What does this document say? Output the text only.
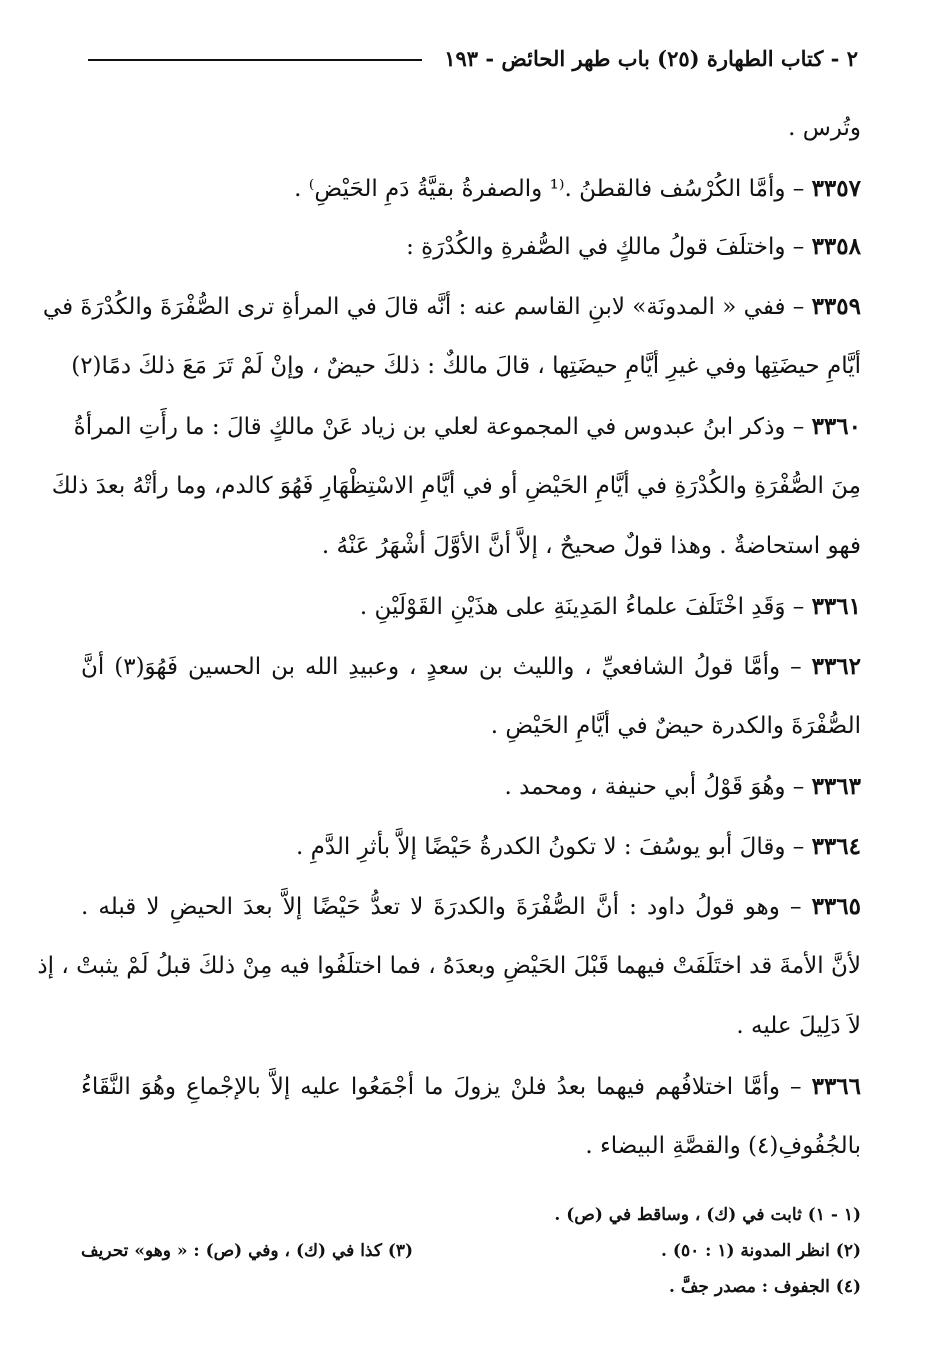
٢ - كتاب الطهارة (٢٥) باب طهر الحائض - ١٩٣
وتُرس .
٣٣٥٧ – وأمَّا الكُرْسُف فالقطنُ .⁽¹ والصفرةُ بقيَّةُ دَمِ الحَيْضِ⁾ .
٣٣٥٨ – واختلَفَ قولُ مالكٍ في الصُّفرةِ والكُدْرَةِ :
٣٣٥٩ – ففي « المدونَة» لابنِ القاسم عنه : أنَّه قالَ في المرأةِ ترى الصُّفْرَةَ والكُدْرَةَ في
أيَّامِ حيضَتِها وفي غيرِ أيَّامِ حيضَتِها ، قالَ مالكٌ : ذلكَ حيضٌ ، وإنْ لَمْ تَرَ مَعَ ذلكَ دمًا(٢)
٣٣٦٠ – وذكر ابنُ عبدوس في المجموعة لعلي بن زياد عَنْ مالكٍ قالَ : ما رأَتِ المرأةُ
مِنَ الصُّفْرَةِ والكُدْرَةِ في أيَّامِ الحَيْضِ أو في أيَّامِ الاسْتِظْهَارِ فَهُوَ كالدم، وما رأتْهُ بعدَ ذلكَ
فهو استحاضةٌ . وهذا قولٌ صحيحٌ ، إلاَّ أنَّ الأوَّلَ أشْهَرُ عَنْهُ .
٣٣٦١ – وَقَدِ اخْتَلَفَ علماءُ المَدِينَةِ على هذَيْنِ القَوْلَيْنِ .
٣٣٦٢ – وأمَّا قولُ الشافعيِّ ، والليث بن سعدٍ ، وعبيدِ الله بن الحسين فَهُوَ(٣) أنَّ
الصُّفْرَةَ والكدرة حيضٌ في أيَّامِ الحَيْضِ .
٣٣٦٣ – وهُوَ قَوْلُ أبي حنيفة ، ومحمد .
٣٣٦٤ – وقالَ أبو يوسُفَ : لا تكونُ الكدرةُ حَيْضًا إلاَّ بأثرِ الدَّمِ .
٣٣٦٥ – وهو قولُ داود : أنَّ الصُّفْرَةَ والكدرَةَ لا تعدُّ حَيْضًا إلاَّ بعدَ الحيضِ لا قبله .
لأنَّ الأمةَ قد اختَلَفَتْ فيهما قَبْلَ الحَيْضِ وبعدَهُ ، فما اختلَفُوا فيه مِنْ ذلكَ قبلُ لَمْ يثبتْ ، إذ
لاَ دَلِيلَ عليه .
٣٣٦٦ – وأمَّا اختلافُهم فيهما بعدُ فلنْ يزولَ ما أجْمَعُوا عليه إلاَّ بالإجْماعِ وهُوَ النَّقَاءُ
بالجُفُوفِ(٤) والقصَّةِ البيضاء .
(١ - ١) ثابت في (ك) ، وساقط في (ص) .
(٢) انظر المدونة (١ : ٥٠) .
(٣) كذا في (ك) ، وفي (ص) : « وهو» تحريف
(٤) الجفوف : مصدر جفَّ .
